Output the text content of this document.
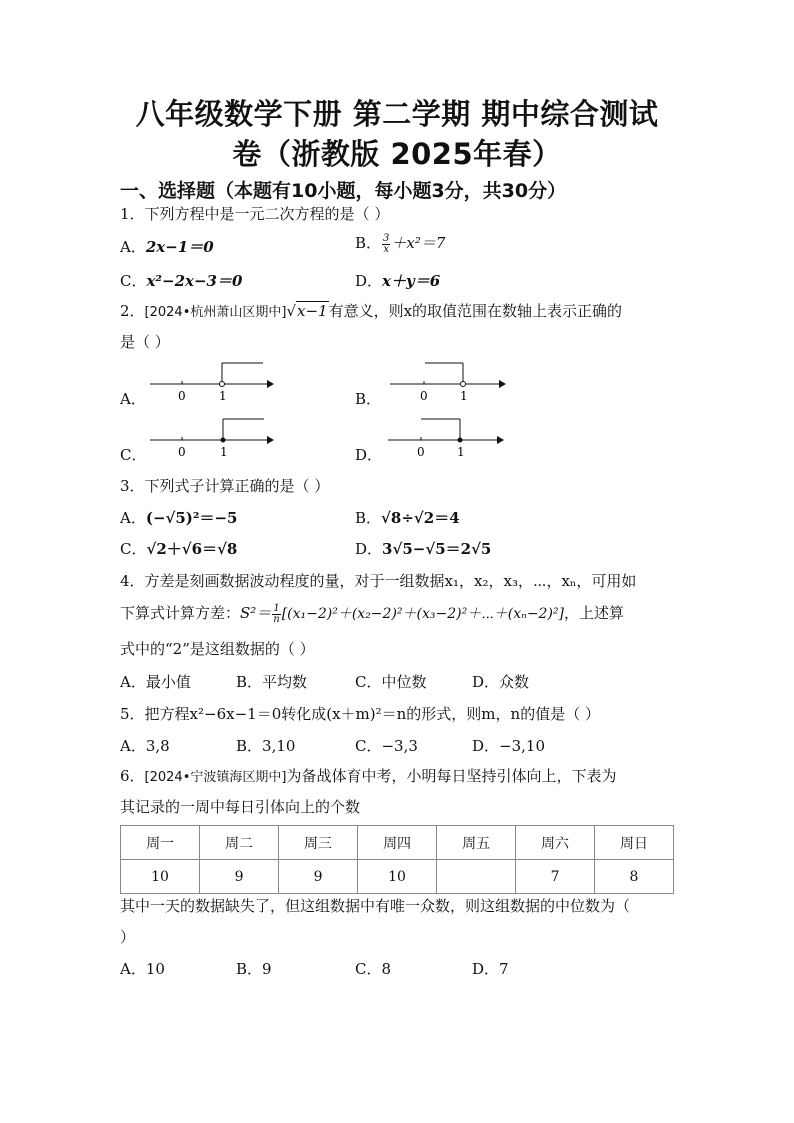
八年级数学下册 第二学期 期中综合测试
卷（浙教版 2025年春）
一、选择题（本题有10小题，每小题3分，共30分）
1．下列方程中是一元二次方程的是（ ）
A．2x−1＝0	B． $\frac{3}{x} +x^2=7$
C．x²−2x−3＝0	D．x＋y＝6
2．[2024•杭州萧山区期中]√x−1有意义，则x的取值范围在数轴上表示正确的
是（ ）
A．	B．
C．	D．
0	1	0	1
0	1	0	1
3．下列式子计算正确的是（ ）
A．(−√5)²＝−5	B．√8÷√2＝4
C．√2＋√6＝√8	D．3√5−√5＝2√5
4．方差是刻画数据波动程度的量，对于一组数据x₁，x₂，x₃，⋯，xₙ，可用如
下算式计算方差：$S^2= \frac{1}{n}$ [(x₁−2)²＋(x₂−2)²＋(x₃−2)²＋⋯＋(xₙ−2)²]，上述算
式中的“2”是这组数据的（ ）
A．最小值	B．平均数	C．中位数	D．众数
5．把方程x²−6x−1＝0转化成(x＋m)²＝n的形式，则m，n的值是（ ）
A．3,8	B．3,10	C．−3,3	D．−3,10
6．[2024•宁波镇海区期中]为备战体育中考，小明每日坚持引体向上，下表为
其记录的一周中每日引体向上的个数
周一	周二	周三	周四	周五	周六	周日
10	9	9	10		7	8
其中一天的数据缺失了，但这组数据中有唯一众数，则这组数据的中位数为（
）
A．10	B．9	C．8	D．7
